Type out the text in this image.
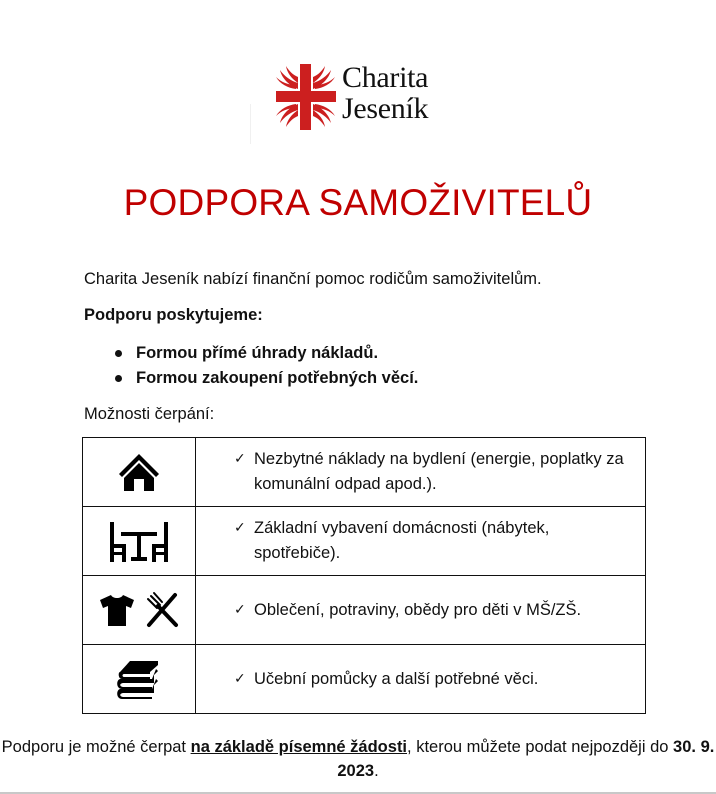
Charita
Jeseník
PODPORA SAMOŽIVITELŮ
Charita Jeseník nabízí finanční pomoc rodičům samoživitelům.
Podporu poskytujeme:
Formou přímé úhrady nákladů.
Formou zakoupení potřebných věcí.
Možnosti čerpání:

✓ Nezbytné náklady na bydlení (energie, poplatky za komunální odpad apod.).

✓ Základní vybavení domácnosti (nábytek, spotřebiče).

✓ Oblečení, potraviny, obědy pro děti v MŠ/ZŠ.

✓ Učební pomůcky a další potřebné věci.
Podporu je možné čerpat na základě písemné žádosti, kterou můžete podat nejpozději do 30. 9. 2023.
